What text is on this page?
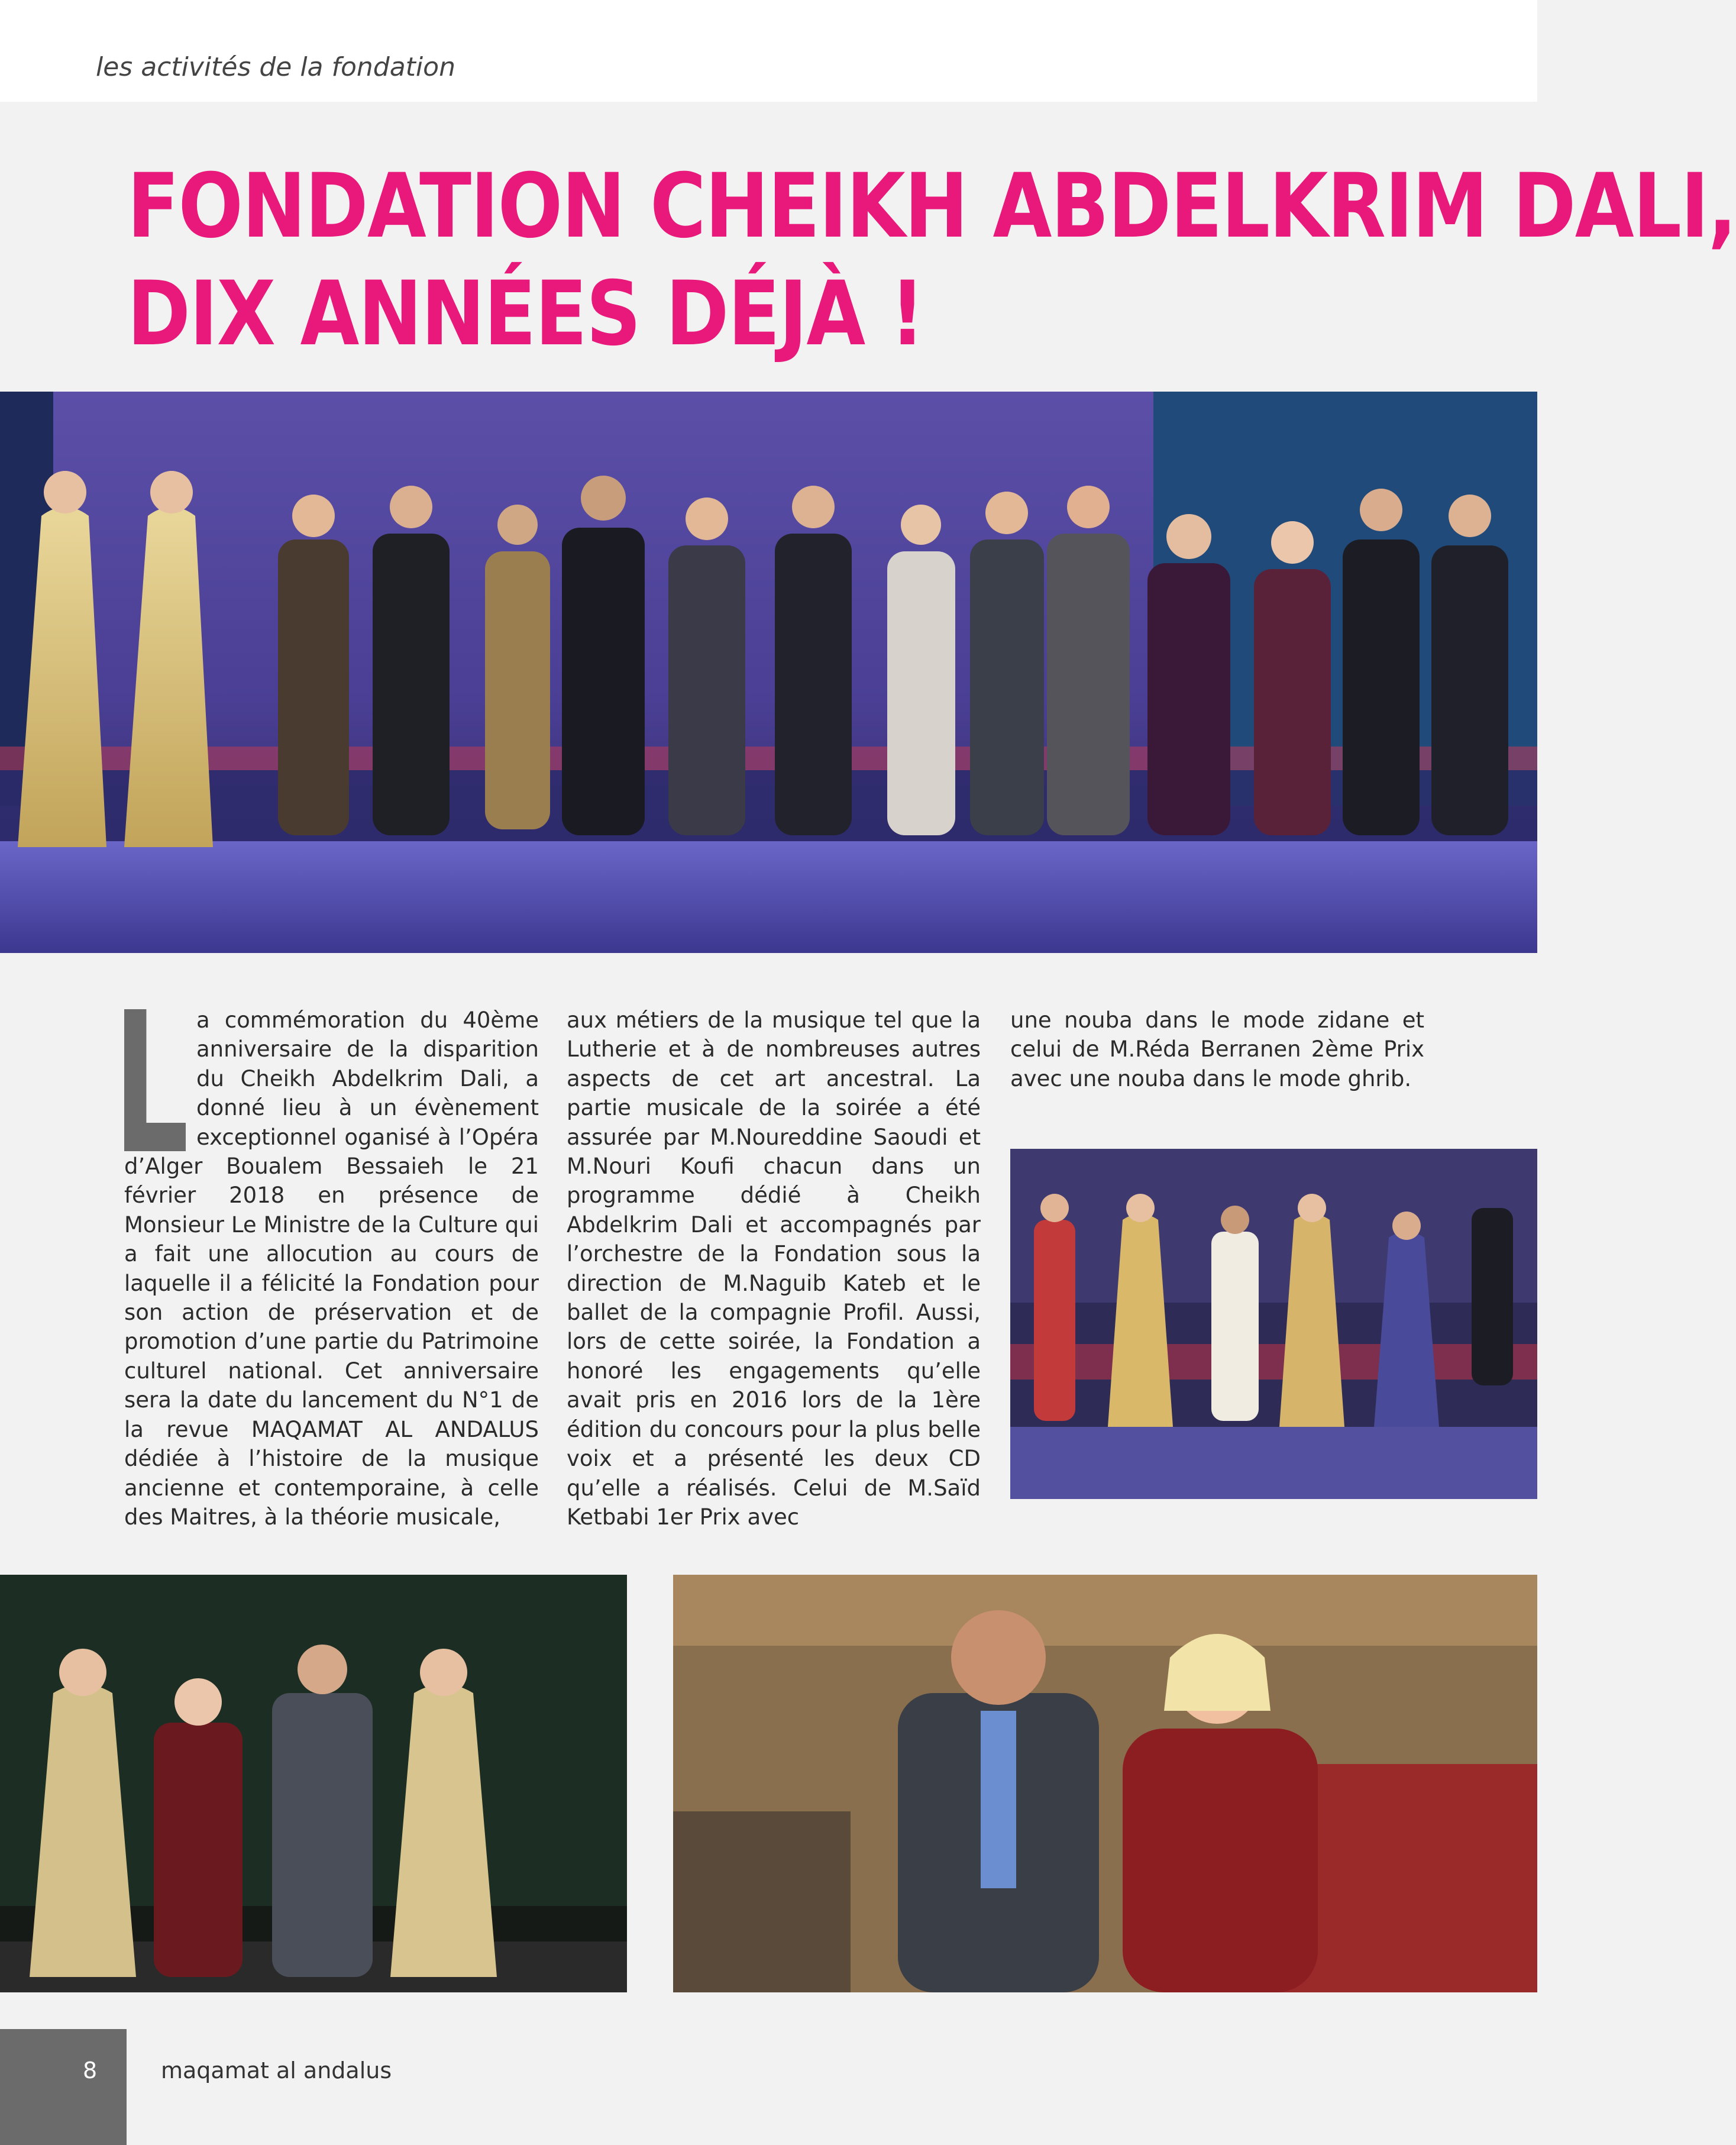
les activités de la fondation
FONDATION CHEIKH ABDELKRIM DALI,
DIX ANNÉES DÉJÀ !

a commémoration du 40ème anniversaire de la disparition du Cheikh Abdelkrim Dali, a donné lieu à un évènement exceptionnel oganisé à l’Opéra d’Alger Boualem Bessaieh le 21 février 2018 en présence de Monsieur Le Ministre de la Culture qui a fait une allocution au cours de laquelle il a félicité la Fondation pour son action de préservation et de promotion d’une partie du Patrimoine culturel national. Cet anniversaire sera la date du lancement du N°1 de la revue MAQAMAT AL ANDALUS dédiée à l’histoire de la musique ancienne et contemporaine, à celle des Maitres, à la théorie musicale,

aux métiers de la musique tel que la Lutherie et à de nombreuses autres aspects de cet art ancestral. La partie musicale de la soirée a été assurée par M.Noureddine Saoudi et M.Nouri Koufi chacun dans un programme dédié à Cheikh Abdelkrim Dali et accompagnés par l’orchestre de la Fondation sous la direction de M.Naguib Kateb et le ballet de la compagnie Profil. Aussi, lors de cette soirée, la Fondation a honoré les engagements qu’elle avait pris en 2016 lors de la 1ère édition du concours pour la plus belle voix et a présenté les deux CD qu’elle a réalisés. Celui de M.Saïd Ketbabi 1er Prix avec

une nouba dans le mode zidane et celui de M.Réda Berranen 2ème Prix avec une nouba dans le mode ghrib.

8	maqamat al andalus
